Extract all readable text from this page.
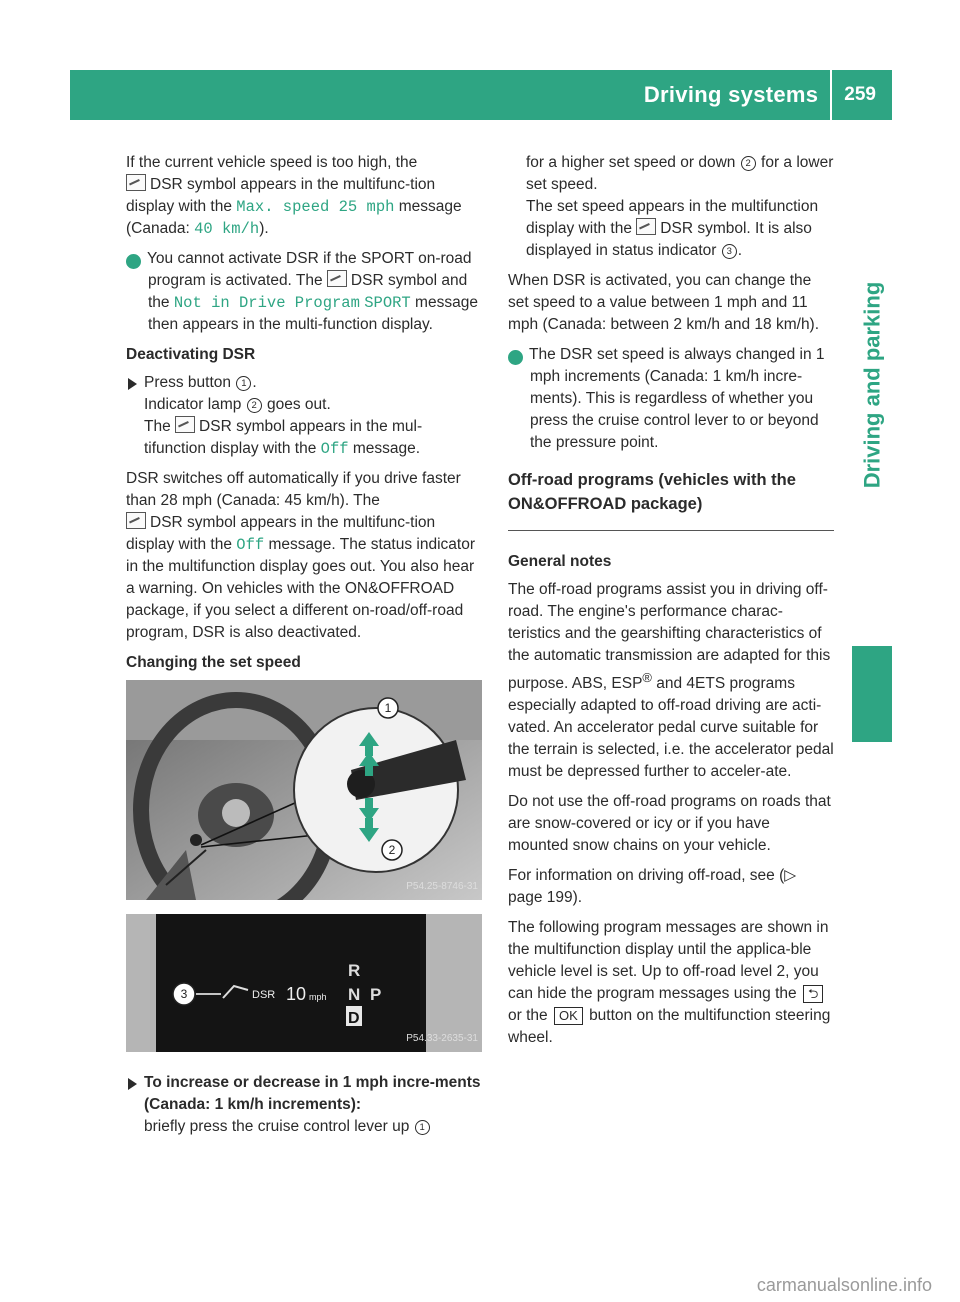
Driving systems	259
Driving and parking

If the current vehicle speed is too high, the
DSR symbol appears in the multifunc-tion display with the Max. speed 25 mph message (Canada: 40 km/h).

i You cannot activate DSR if the SPORT on-road program is activated. The DSR symbol and the Not in Drive Program SPORT message then appears in the multi-function display.

Deactivating DSR

Press button 1 .
Indicator lamp 2 goes out.

The DSR symbol appears in the mul-tifunction display with the Off message.

DSR switches off automatically if you drive faster than 28 mph (Canada: 45 km/h). The
DSR symbol appears in the multifunc-tion display with the Off message. The status indicator in the multifunction display goes out. You also hear a warning. On vehicles with the ON&OFFROAD package, if you select a different on-road/off-road program, DSR is also deactivated.

Changing the set speed
1
2
P54.25-8746-31
3	DSR 10 mph
R
N P
D
P54.33-2635-31

To increase or decrease in 1 mph incre-ments (Canada: 1 km/h increments):
briefly press the cruise control lever up 1

for a higher set speed or down 2 for a lower set speed.
The set speed appears in the multifunction display with the DSR symbol. It is also displayed in status indicator 3 .

When DSR is activated, you can change the set speed to a value between 1 mph and 11 mph (Canada: between 2 km/h and 18 km/h).

i The DSR set speed is always changed in 1 mph increments (Canada: 1 km/h incre-ments). This is regardless of whether you press the cruise control lever to or beyond the pressure point.

Off-road programs (vehicles with the ON&OFFROAD package)
General notes

The off-road programs assist you in driving off-road. The engine's performance charac-teristics and the gearshifting characteristics of the automatic transmission are adapted for this purpose. ABS, ESP® and 4ETS programs especially adapted to off-road driving are acti-vated. An accelerator pedal curve suitable for the terrain is selected, i.e. the accelerator pedal must be depressed further to acceler-ate.

Do not use the off-road programs on roads that are snow-covered or icy or if you have mounted snow chains on your vehicle.

For information on driving off-road, see (▷ page 199).

The following program messages are shown in the multifunction display until the applica-ble vehicle level is set. Up to off-road level 2, you can hide the program messages using the ⮌ or the OK button on the multifunction steering wheel.

carmanualsonline.info
